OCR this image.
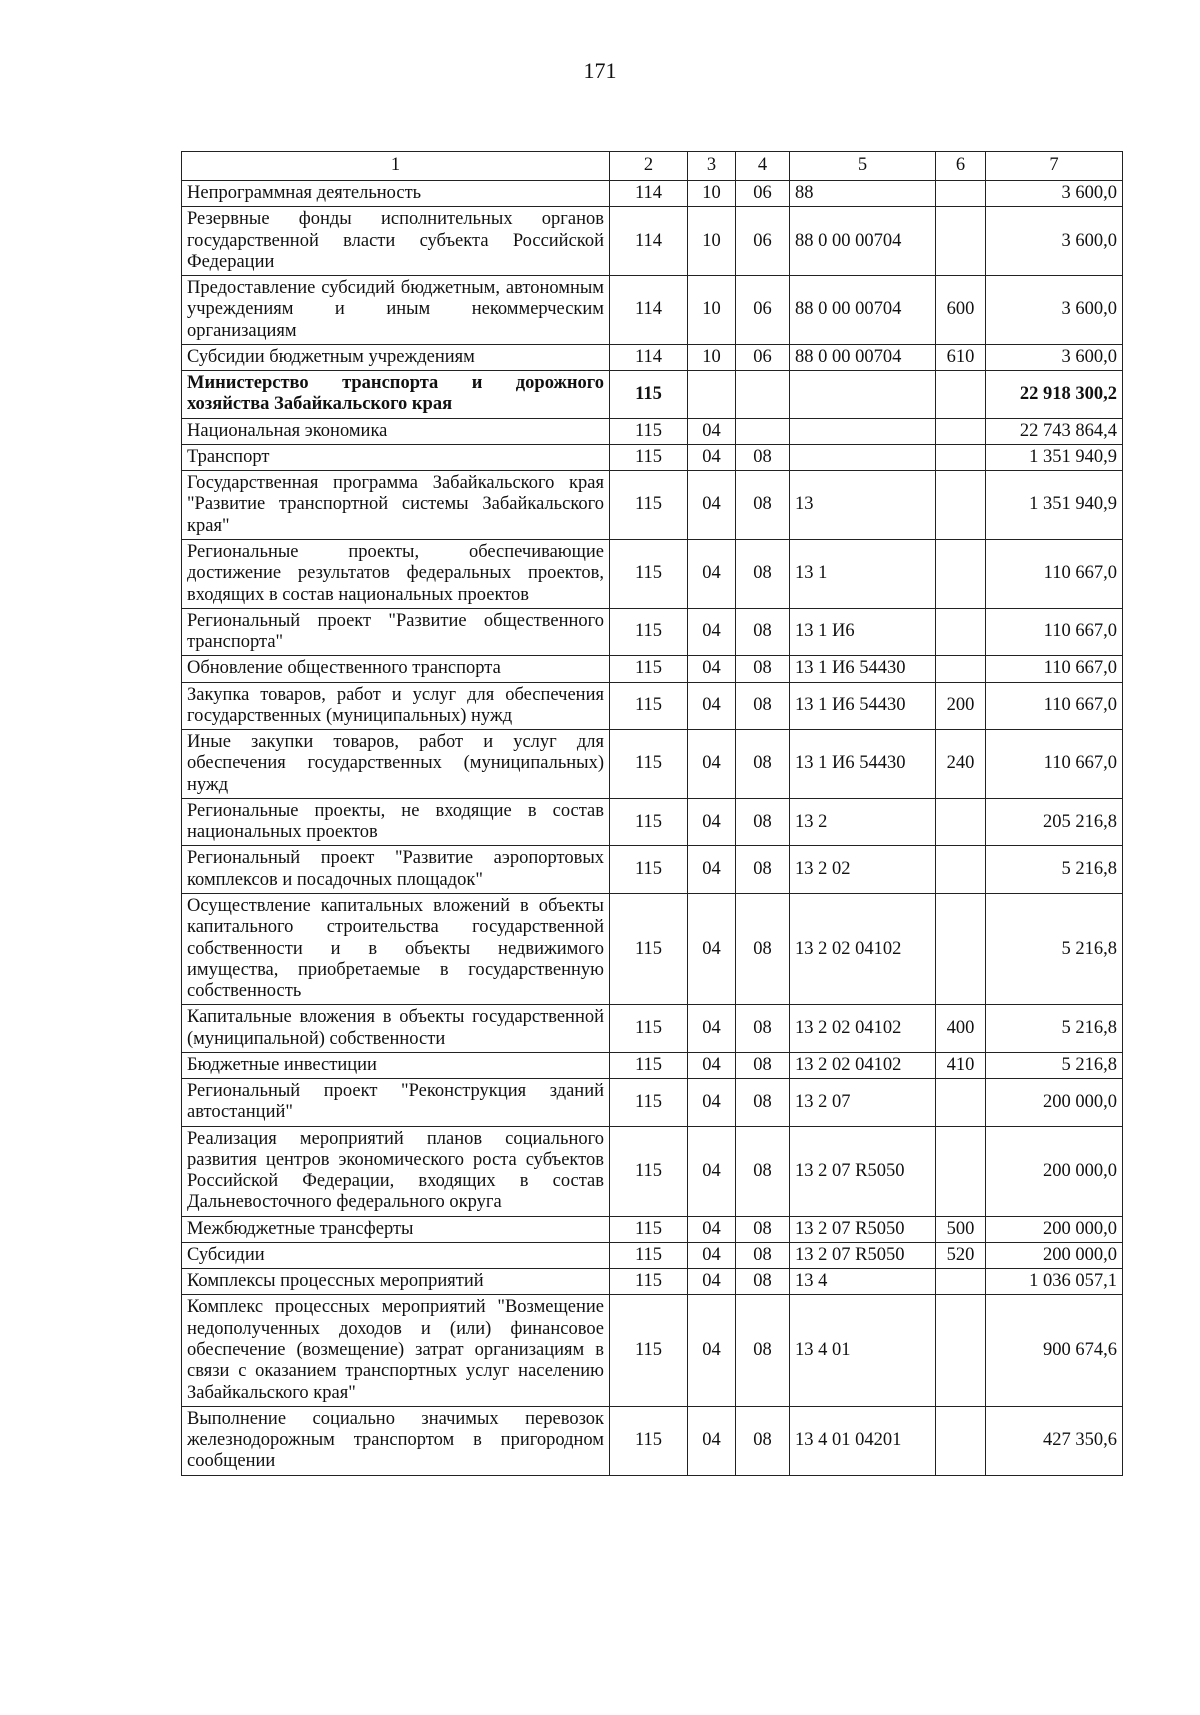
171
1	2	3	4	5	6	7
Непрограммная деятельность	114	10	06	88		3 600,0
Резервные фонды исполнительных органов государственной власти субъекта Российской Федерации	114	10	06	88 0 00 00704		3 600,0
Предоставление субсидий бюджетным, автономным учреждениям и иным некоммерческим организациям	114	10	06	88 0 00 00704	600	3 600,0
Субсидии бюджетным учреждениям	114	10	06	88 0 00 00704	610	3 600,0
Министерство транспорта и дорожного хозяйства Забайкальского края	115					22 918 300,2
Национальная экономика	115	04				22 743 864,4
Транспорт	115	04	08			1 351 940,9
Государственная программа Забайкальского края "Развитие транспортной системы Забайкальского края"	115	04	08	13		1 351 940,9
Региональные проекты, обеспечивающие достижение результатов федеральных проектов, входящих в состав национальных проектов	115	04	08	13 1		110 667,0
Региональный проект "Развитие общественного транспорта"	115	04	08	13 1 И6		110 667,0
Обновление общественного транспорта	115	04	08	13 1 И6 54430		110 667,0
Закупка товаров, работ и услуг для обеспечения государственных (муниципальных) нужд	115	04	08	13 1 И6 54430	200	110 667,0
Иные закупки товаров, работ и услуг для обеспечения государственных (муниципальных) нужд	115	04	08	13 1 И6 54430	240	110 667,0
Региональные проекты, не входящие в состав национальных проектов	115	04	08	13 2		205 216,8
Региональный проект "Развитие аэропортовых комплексов и посадочных площадок"	115	04	08	13 2 02		5 216,8
Осуществление капитальных вложений в объекты капитального строительства государственной собственности и в объекты недвижимого имущества, приобретаемые в государственную собственность	115	04	08	13 2 02 04102		5 216,8
Капитальные вложения в объекты государственной (муниципальной) собственности	115	04	08	13 2 02 04102	400	5 216,8
Бюджетные инвестиции	115	04	08	13 2 02 04102	410	5 216,8
Региональный проект "Реконструкция зданий автостанций"	115	04	08	13 2 07		200 000,0
Реализация мероприятий планов социального развития центров экономического роста субъектов Российской Федерации, входящих в состав Дальневосточного федерального округа	115	04	08	13 2 07 R5050		200 000,0
Межбюджетные трансферты	115	04	08	13 2 07 R5050	500	200 000,0
Субсидии	115	04	08	13 2 07 R5050	520	200 000,0
Комплексы процессных мероприятий	115	04	08	13 4		1 036 057,1
Комплекс процессных мероприятий "Возмещение недополученных доходов и (или) финансовое обеспечение (возмещение) затрат организациям в связи с оказанием транспортных услуг населению Забайкальского края"	115	04	08	13 4 01		900 674,6
Выполнение социально значимых перевозок железнодорожным транспортом в пригородном сообщении	115	04	08	13 4 01 04201		427 350,6
